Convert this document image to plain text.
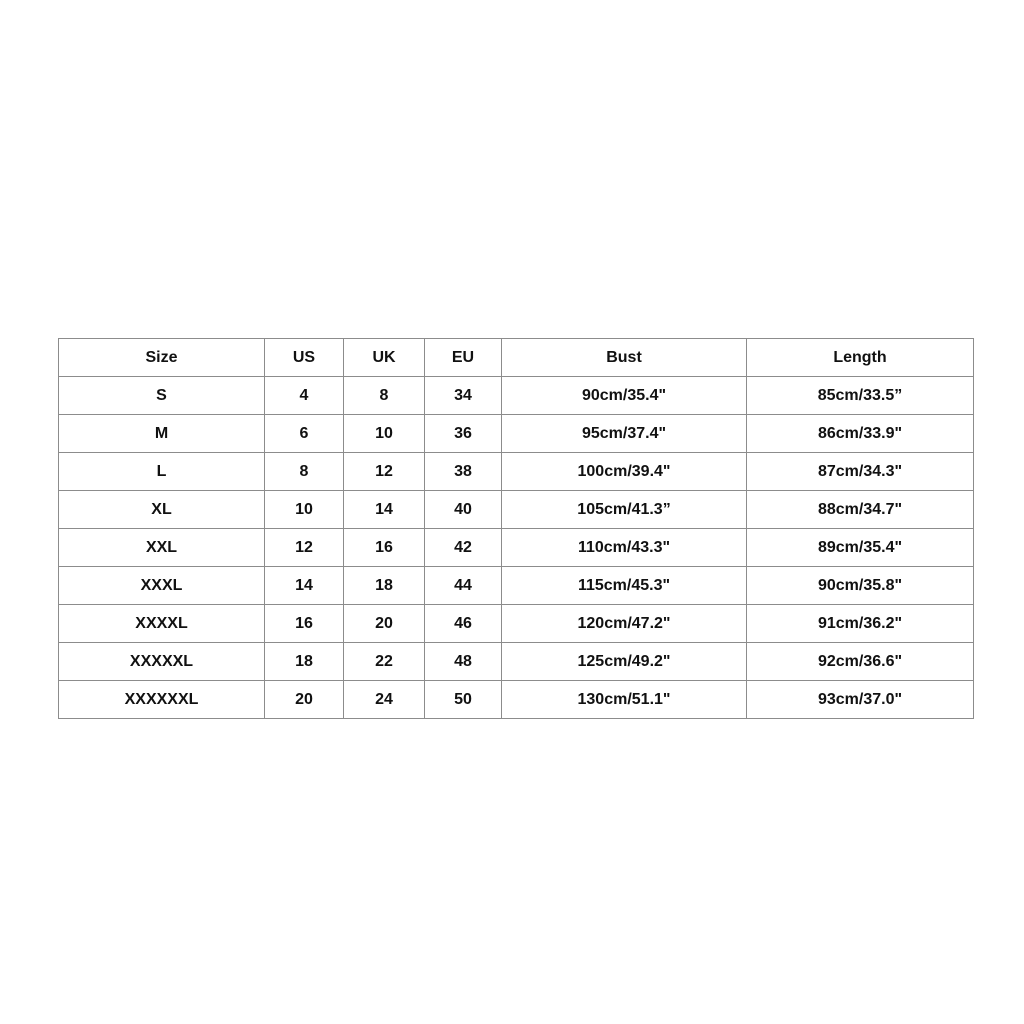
Size	US	UK	EU	Bust	Length
S	4	8	34	90cm/35.4"	85cm/33.5”
M	6	10	36	95cm/37.4"	86cm/33.9"
L	8	12	38	100cm/39.4"	87cm/34.3"
XL	10	14	40	105cm/41.3”	88cm/34.7"
XXL	12	16	42	110cm/43.3"	89cm/35.4"
XXXL	14	18	44	115cm/45.3"	90cm/35.8"
XXXXL	16	20	46	120cm/47.2"	91cm/36.2"
XXXXXL	18	22	48	125cm/49.2"	92cm/36.6"
XXXXXXL	20	24	50	130cm/51.1"	93cm/37.0"
